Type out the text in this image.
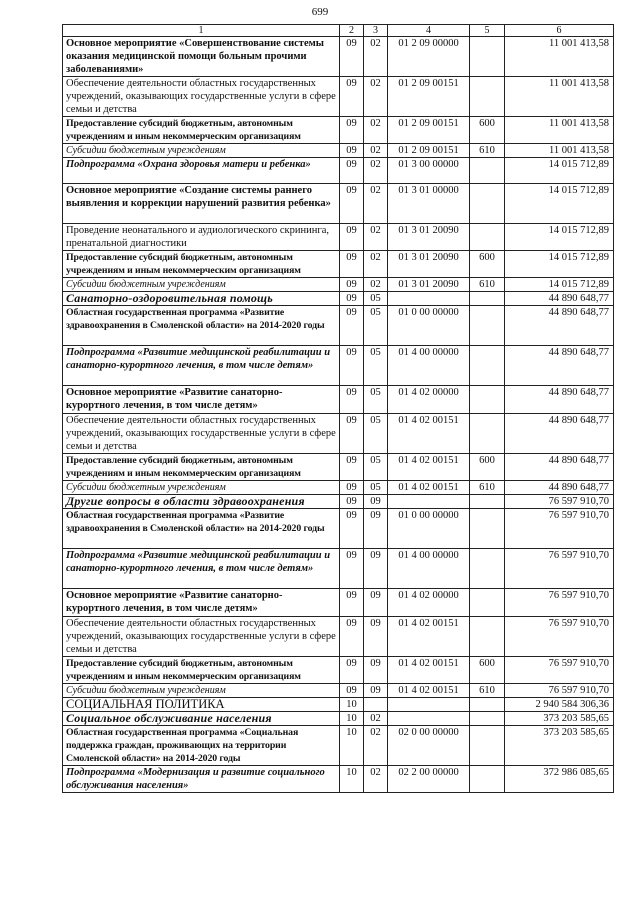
699
1	2	3	4	5	6
Основное мероприятие «Совершенствование системы оказания медицинской помощи больным прочими заболеваниями»	09	02	01 2 09 00000		11 001 413,58
Обеспечение деятельности областных государственных учреждений, оказывающих государственные услуги в сфере семьи и детства	09	02	01 2 09 00151		11 001 413,58
Предоставление субсидий бюджетным, автономным учреждениям и иным некоммерческим организациям	09	02	01 2 09 00151	600	11 001 413,58
Субсидии бюджетным учреждениям	09	02	01 2 09 00151	610	11 001 413,58
Подпрограмма «Охрана здоровья матери и ребенка»	09	02	01 3 00 00000		14 015 712,89
Основное мероприятие «Создание системы раннего выявления и коррекции нарушений развития ребенка»	09	02	01 3 01 00000		14 015 712,89
Проведение неонатального и аудиологического скрининга, пренатальной диагностики	09	02	01 3 01 20090		14 015 712,89
Предоставление субсидий бюджетным, автономным учреждениям и иным некоммерческим организациям	09	02	01 3 01 20090	600	14 015 712,89
Субсидии бюджетным учреждениям	09	02	01 3 01 20090	610	14 015 712,89
Санаторно-оздоровительная помощь	09	05			44 890 648,77
Областная государственная программа «Развитие здравоохранения в Смоленской области» на 2014-2020 годы	09	05	01 0 00 00000		44 890 648,77
Подпрограмма «Развитие медицинской реабилитации и санаторно-курортного лечения, в том числе детям»	09	05	01 4 00 00000		44 890 648,77
Основное мероприятие «Развитие санаторно-курортного лечения, в том числе детям»	09	05	01 4 02 00000		44 890 648,77
Обеспечение деятельности областных государственных учреждений, оказывающих государственные услуги в сфере семьи и детства	09	05	01 4 02 00151		44 890 648,77
Предоставление субсидий бюджетным, автономным учреждениям и иным некоммерческим организациям	09	05	01 4 02 00151	600	44 890 648,77
Субсидии бюджетным учреждениям	09	05	01 4 02 00151	610	44 890 648,77
Другие вопросы в области здравоохранения	09	09			76 597 910,70
Областная государственная программа «Развитие здравоохранения в Смоленской области» на 2014-2020 годы	09	09	01 0 00 00000		76 597 910,70
Подпрограмма «Развитие медицинской реабилитации и санаторно-курортного лечения, в том числе детям»	09	09	01 4 00 00000		76 597 910,70
Основное мероприятие «Развитие санаторно-курортного лечения, в том числе детям»	09	09	01 4 02 00000		76 597 910,70
Обеспечение деятельности областных государственных учреждений, оказывающих государственные услуги в сфере семьи и детства	09	09	01 4 02 00151		76 597 910,70
Предоставление субсидий бюджетным, автономным учреждениям и иным некоммерческим организациям	09	09	01 4 02 00151	600	76 597 910,70
Субсидии бюджетным учреждениям	09	09	01 4 02 00151	610	76 597 910,70
СОЦИАЛЬНАЯ ПОЛИТИКА	10				2 940 584 306,36
Социальное обслуживание населения	10	02			373 203 585,65
Областная государственная программа «Социальная поддержка граждан, проживающих на территории Смоленской области» на 2014-2020 годы	10	02	02 0 00 00000		373 203 585,65
Подпрограмма «Модернизация и развитие социального обслуживания населения»	10	02	02 2 00 00000		372 986 085,65
